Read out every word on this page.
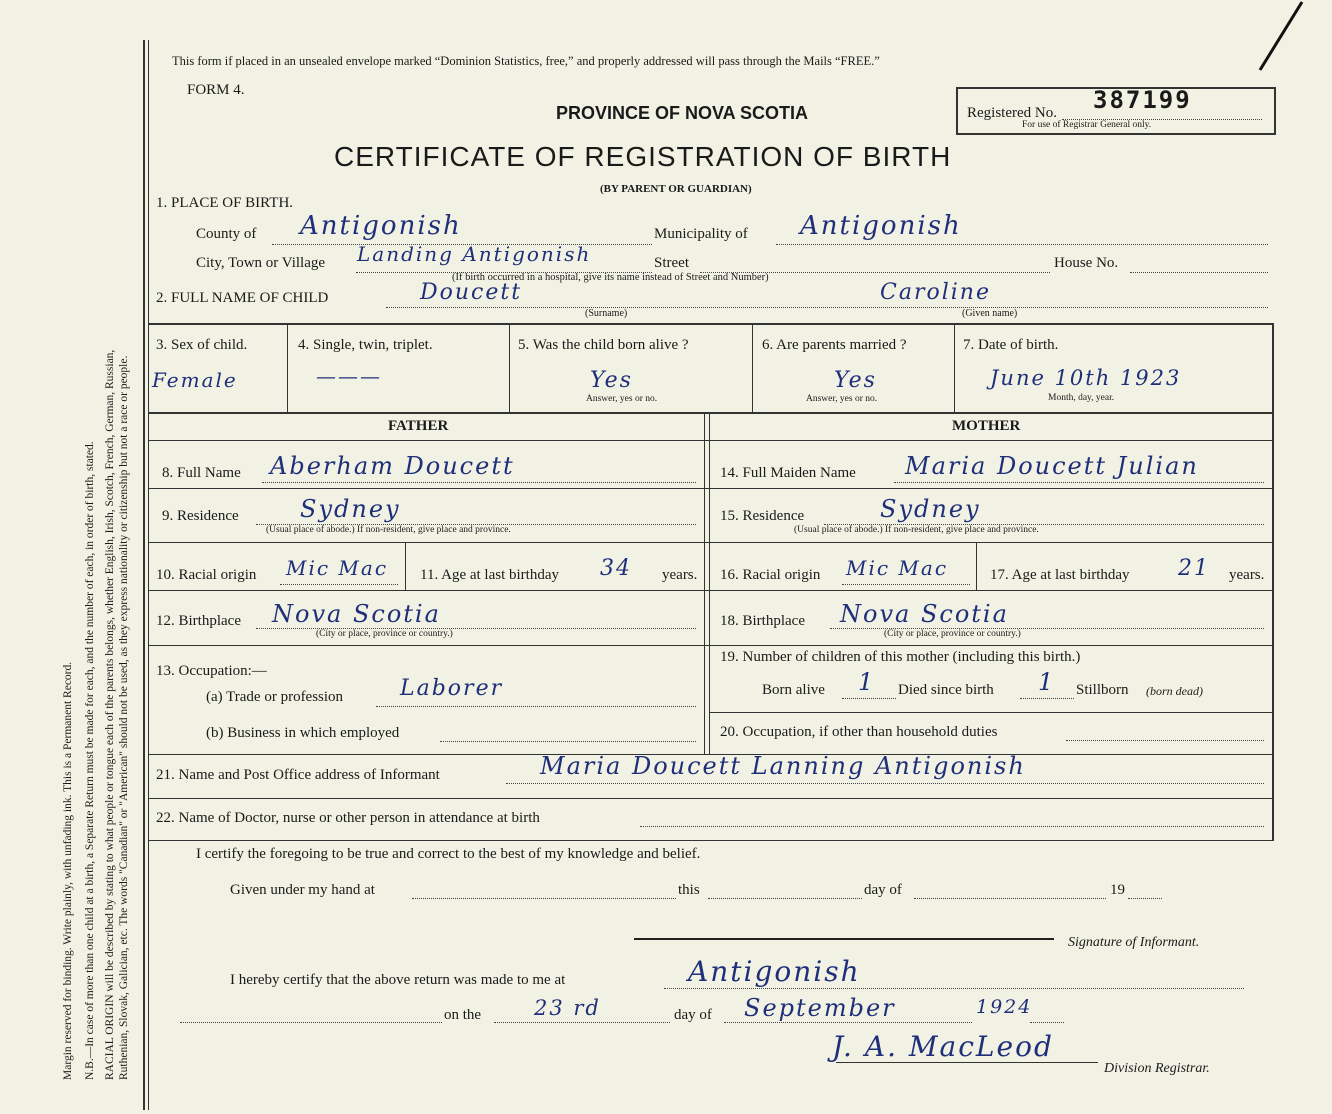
Margin reserved for binding. Write plainly, with unfading ink. This is a Permanent Record. N.B.—In case of more than one child at a birth, a Separate Return must be made for each, and the number of each, in order of birth, stated. RACIAL ORIGIN will be described by stating to what people or tongue each of the parents belongs, whether English, Irish, Scotch, French, German, Russian, Ruthenian, Slovak, Galician, etc. The words "Canadian" or "American" should not be used, as they express nationality or citizenship but not a race or people.
This form if placed in an unsealed envelope marked “Dominion Statistics, free,” and properly addressed will pass through the Mails “FREE.”
FORM 4.
PROVINCE OF NOVA SCOTIA
CERTIFICATE OF REGISTRATION OF BIRTH
(BY PARENT OR GUARDIAN)
Registered No. 387199
For use of Registrar General only.
1. PLACE OF BIRTH.
County of Antigonish	Municipality of Antigonish
City, Town or Village Landing Antigonish	Street	House No.
(If birth occurred in a hospital, give its name instead of Street and Number)
2. FULL NAME OF CHILD	Doucett	Caroline
(Surname)	(Given name)
3. Sex of child.
Female
4. Single, twin, triplet.
———
5. Was the child born alive ?
Yes
Answer, yes or no.
6. Are parents married ?
Yes
Answer, yes or no.
7. Date of birth.
June 10th 1923
Month, day, year.
FATHER	MOTHER
8. Full Name Aberham Doucett	14. Full Maiden Name Maria Doucett Julian
9. Residence	Sydney
(Usual place of abode.) If non-resident, give place and province.
15. Residence	Sydney
(Usual place of abode.) If non-resident, give place and province.
10. Racial origin Mic Mac 11. Age at last birthday 34 years. 16. Racial origin Mic Mac	17. Age at last birthday 21 years.
12. Birthplace Nova Scotia
(City or place, province or country.)
18. Birthplace Nova Scotia
(City or place, province or country.)
13. Occupation:—
(a) Trade or profession	Laborer
19. Number of children of this mother (including this birth.)
Born alive 1 Died since birth 1 Stillborn (born dead)
(b) Business in which employed	20. Occupation, if other than household duties
21. Name and Post Office address of Informant	Maria Doucett Lanning Antigonish
22. Name of Doctor, nurse or other person in attendance at birth
I certify the foregoing to be true and correct to the best of my knowledge and belief.
Given under my hand at	this	day of	19
Signature of Informant.
I hereby certify that the above return was made to me at	Antigonish
on the	23 rd	day of September	1924
J. A. MacLeod
Division Registrar.
